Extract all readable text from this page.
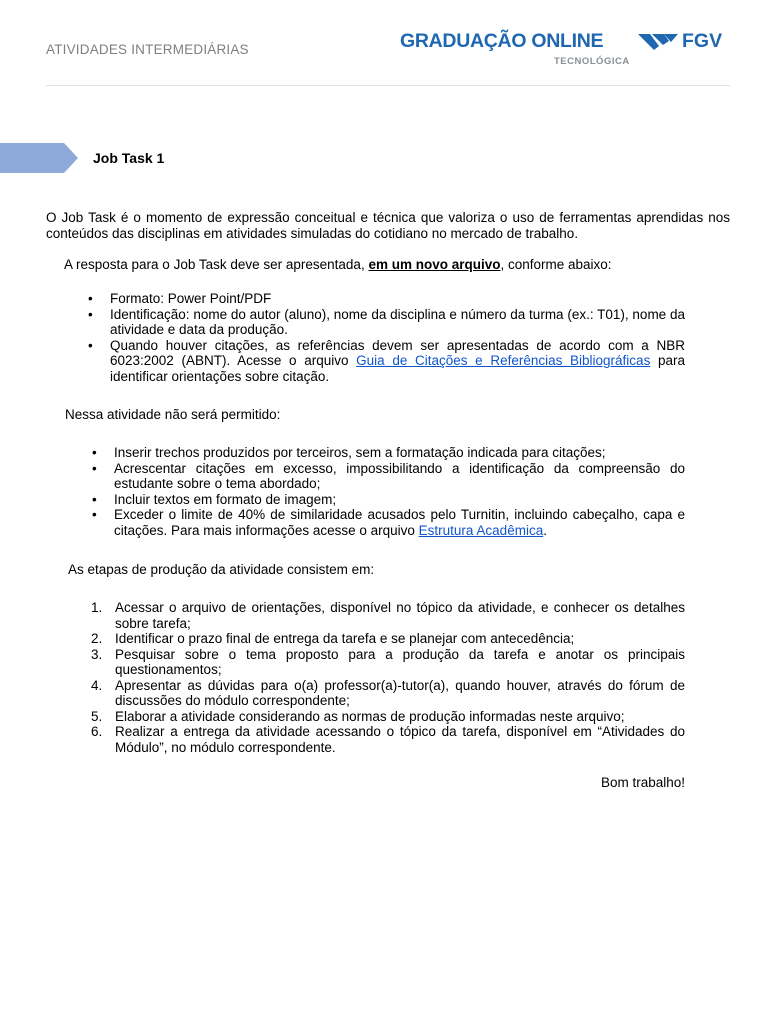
ATIVIDADES INTERMEDIÁRIAS	GRADUAÇÃO ONLINE	FGV
TECNOLÓGICA
Job Task 1

O Job Task é o momento de expressão conceitual e técnica que valoriza o uso de ferramentas aprendidas nos conteúdos das disciplinas em atividades simuladas do cotidiano no mercado de trabalho.

A resposta para o Job Task deve ser apresentada, em um novo arquivo, conforme abaixo:

• Formato: Power Point/PDF
• Identificação: nome do autor (aluno), nome da disciplina e número da turma (ex.: T01), nome da atividade e data da produção.
• Quando houver citações, as referências devem ser apresentadas de acordo com a NBR 6023:2002 (ABNT). Acesse o arquivo Guia de Citações e Referências Bibliográficas para identificar orientações sobre citação.

Nessa atividade não será permitido:

• Inserir trechos produzidos por terceiros, sem a formatação indicada para citações;
• Acrescentar citações em excesso, impossibilitando a identificação da compreensão do estudante sobre o tema abordado;
• Incluir textos em formato de imagem;
• Exceder o limite de 40% de similaridade acusados pelo Turnitin, incluindo cabeçalho, capa e citações. Para mais informações acesse o arquivo Estrutura Acadêmica.

As etapas de produção da atividade consistem em:

1. Acessar o arquivo de orientações, disponível no tópico da atividade, e conhecer os detalhes sobre tarefa;
2. Identificar o prazo final de entrega da tarefa e se planejar com antecedência;
3. Pesquisar sobre o tema proposto para a produção da tarefa e anotar os principais questionamentos;
4. Apresentar as dúvidas para o(a) professor(a)-tutor(a), quando houver, através do fórum de discussões do módulo correspondente;
5. Elaborar a atividade considerando as normas de produção informadas neste arquivo;
6. Realizar a entrega da atividade acessando o tópico da tarefa, disponível em “Atividades do Módulo”, no módulo correspondente.
Bom trabalho!
